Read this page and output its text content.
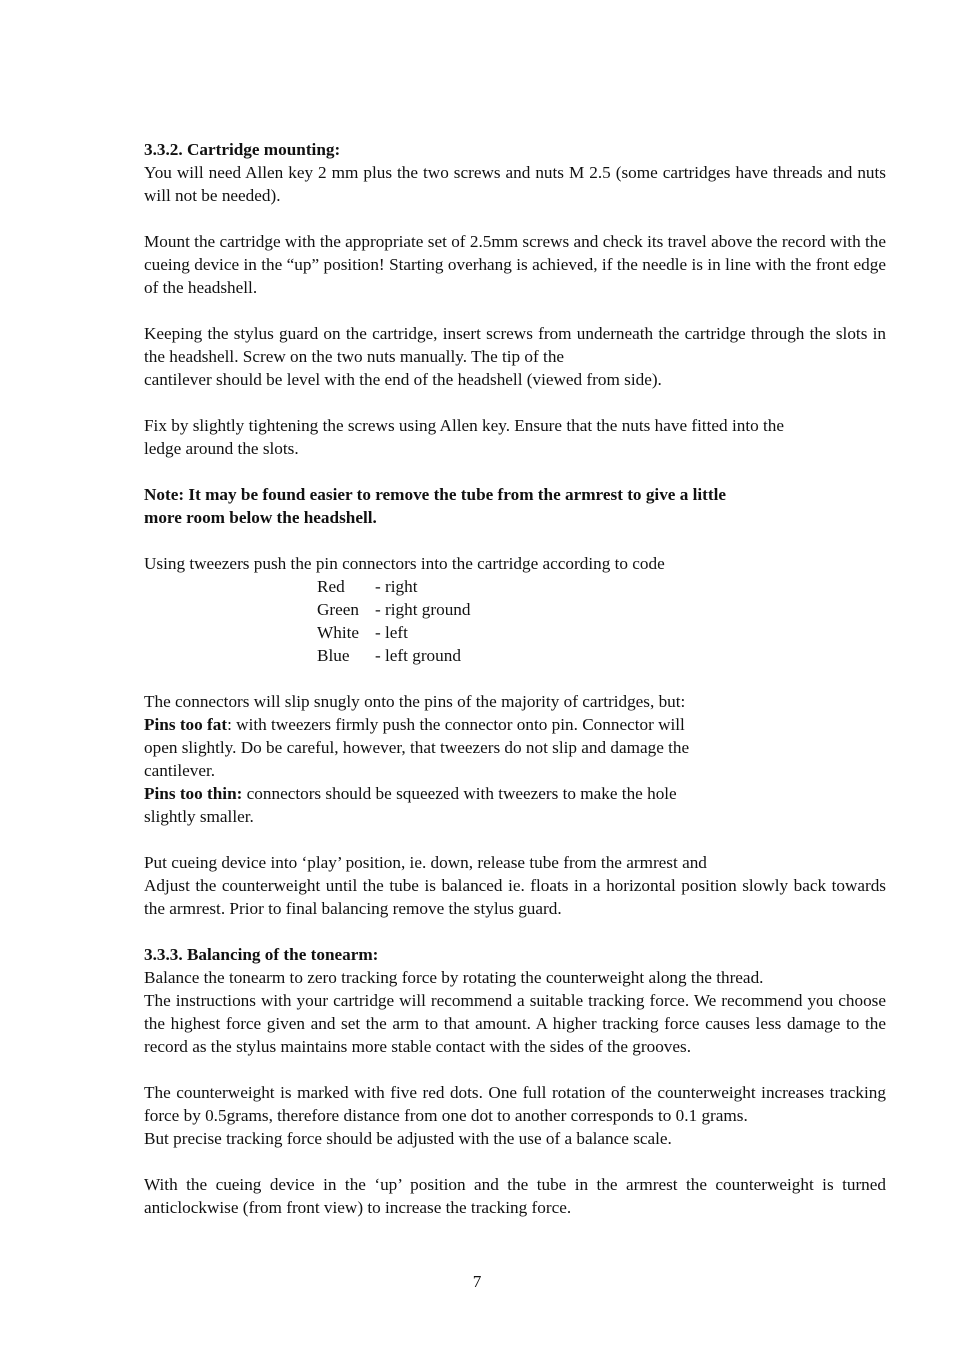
3.3.2. Cartridge mounting:

You will need Allen key 2 mm plus the two screws and nuts M 2.5 (some cartridges have threads and nuts will not be needed).

Mount the cartridge with the appropriate set of 2.5mm screws and check its travel above the record with the cueing device in the “up” position! Starting overhang is achieved, if the needle is in line with the front edge of the headshell.

Keeping the stylus guard on the cartridge, insert screws from underneath the cartridge through the slots in the headshell. Screw on the two nuts manually. The tip of the

cantilever should be level with the end of the headshell (viewed from side).

Fix by slightly tightening the screws using Allen key. Ensure that the nuts have fitted into the

ledge around the slots.

Note: It may be found easier to remove the tube from the armrest to give a little

more room below the headshell.

Using tweezers push the pin connectors into the cartridge according to code

Red	- right
Green - right ground
White - left
Blue	- left ground

The connectors will slip snugly onto the pins of the majority of cartridges, but:

Pins too fat: with tweezers firmly push the connector onto pin. Connector will

open slightly. Do be careful, however, that tweezers do not slip and damage the

cantilever.

Pins too thin: connectors should be squeezed with tweezers to make the hole

slightly smaller.

Put cueing device into ‘play’ position, ie. down, release tube from the armrest and

Adjust the counterweight until the tube is balanced ie. floats in a horizontal position slowly back towards the armrest. Prior to final balancing remove the stylus guard.

3.3.3. Balancing of the tonearm:

Balance the tonearm to zero tracking force by rotating the counterweight along the thread.

The instructions with your cartridge will recommend a suitable tracking force. We recommend you choose the highest force given and set the arm to that amount. A higher tracking force causes less damage to the record as the stylus maintains more stable contact with the sides of the grooves.

The counterweight is marked with five red dots. One full rotation of the counterweight increases tracking force by 0.5grams, therefore distance from one dot to another corresponds to 0.1 grams.

But precise tracking force should be adjusted with the use of a balance scale.

With the cueing device in the ‘up’ position and the tube in the armrest the counterweight is turned anticlockwise (from front view) to increase the tracking force.

7
